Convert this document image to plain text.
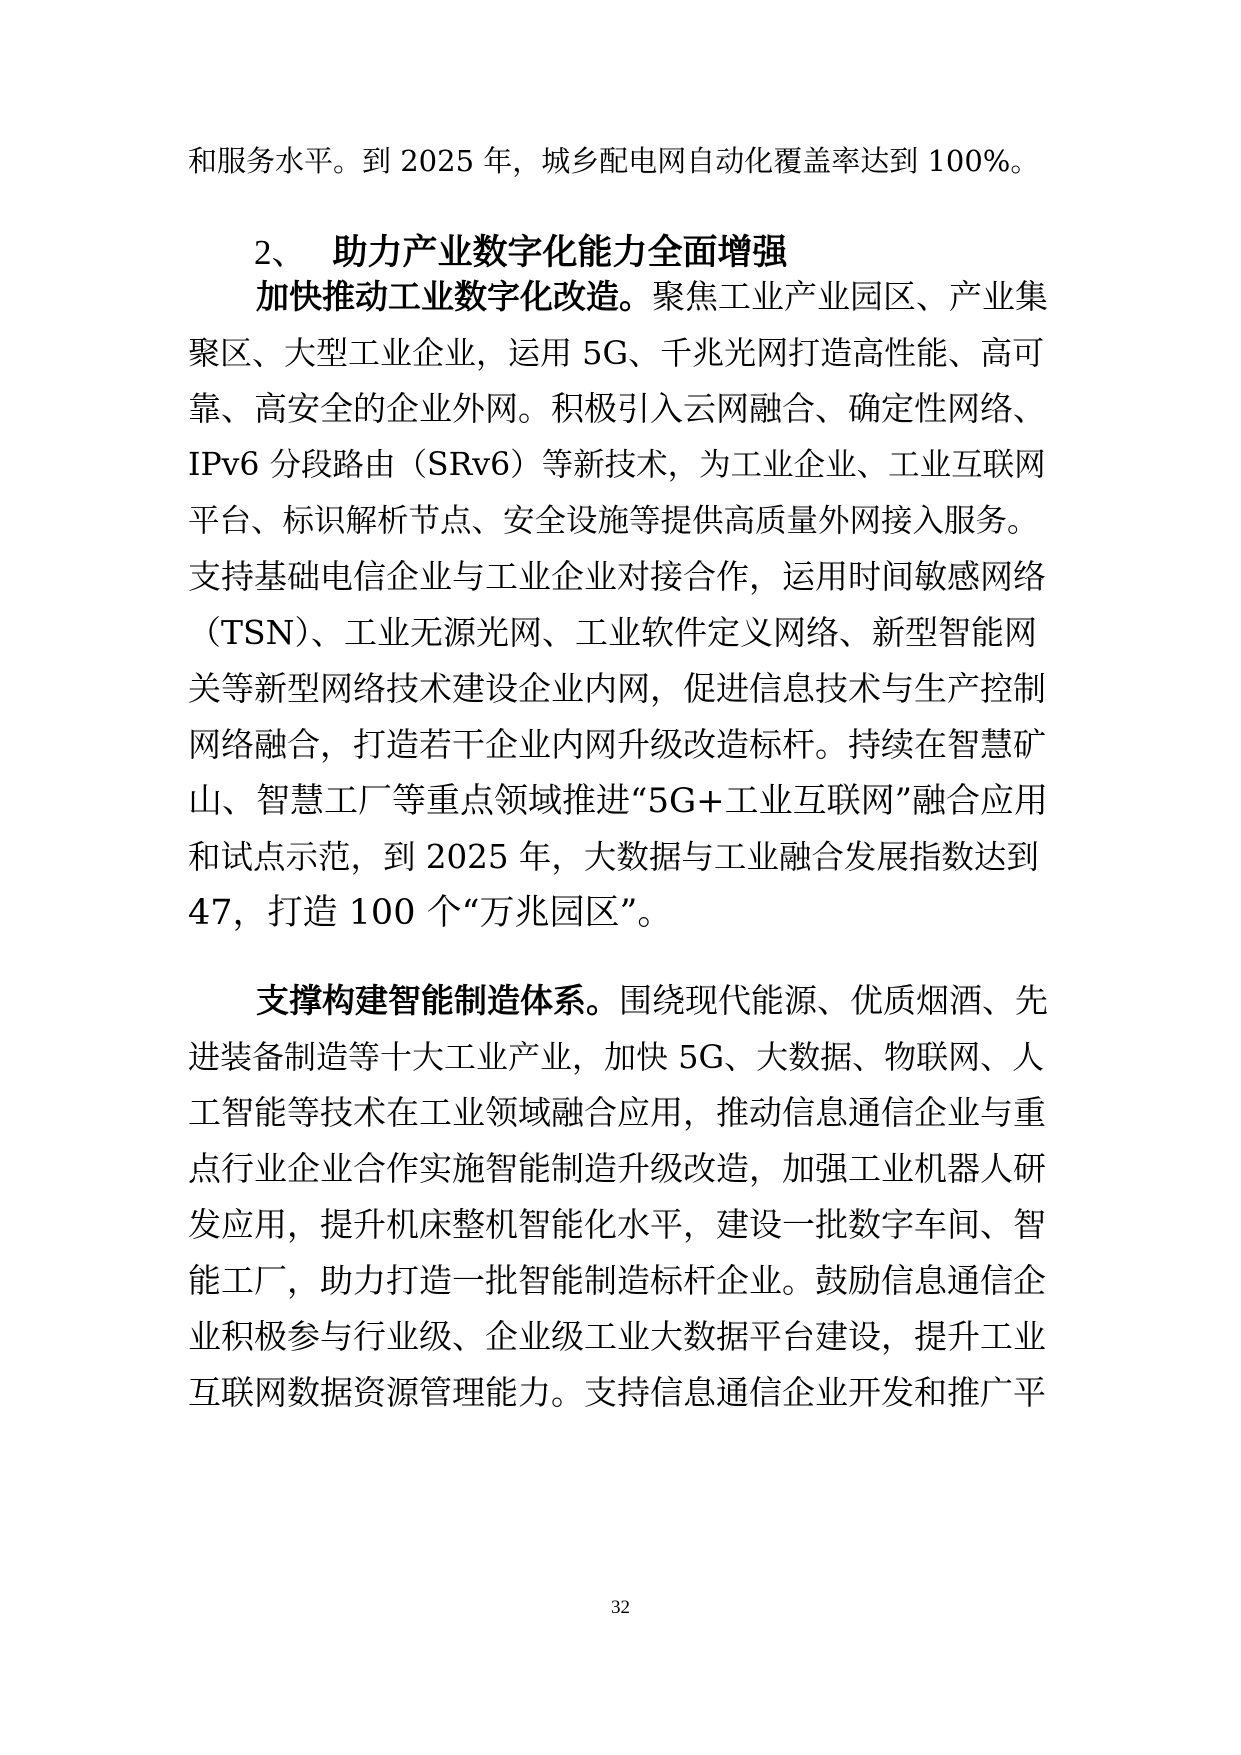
和服务水平。到 2025 年，城乡配电网自动化覆盖率达到 100%。
2、 助力产业数字化能力全面增强
加快推动工业数字化改造。聚焦工业产业园区、产业集
聚区、大型工业企业，运用 5G、千兆光网打造高性能、高可
靠、高安全的企业外网。积极引入云网融合、确定性网络、
IPv6 分段路由（SRv6）等新技术，为工业企业、工业互联网
平台、标识解析节点、安全设施等提供高质量外网接入服务。
支持基础电信企业与工业企业对接合作，运用时间敏感网络
（TSN）、工业无源光网、工业软件定义网络、新型智能网
关等新型网络技术建设企业内网，促进信息技术与生产控制
网络融合，打造若干企业内网升级改造标杆。持续在智慧矿
山、智慧工厂等重点领域推进“5G+工业互联网”融合应用
和试点示范，到 2025 年，大数据与工业融合发展指数达到
47，打造 100 个“万兆园区”。
支撑构建智能制造体系。围绕现代能源、优质烟酒、先
进装备制造等十大工业产业，加快 5G、大数据、物联网、人
工智能等技术在工业领域融合应用，推动信息通信企业与重
点行业企业合作实施智能制造升级改造，加强工业机器人研
发应用，提升机床整机智能化水平，建设一批数字车间、智
能工厂，助力打造一批智能制造标杆企业。鼓励信息通信企
业积极参与行业级、企业级工业大数据平台建设，提升工业
互联网数据资源管理能力。支持信息通信企业开发和推广平
32
